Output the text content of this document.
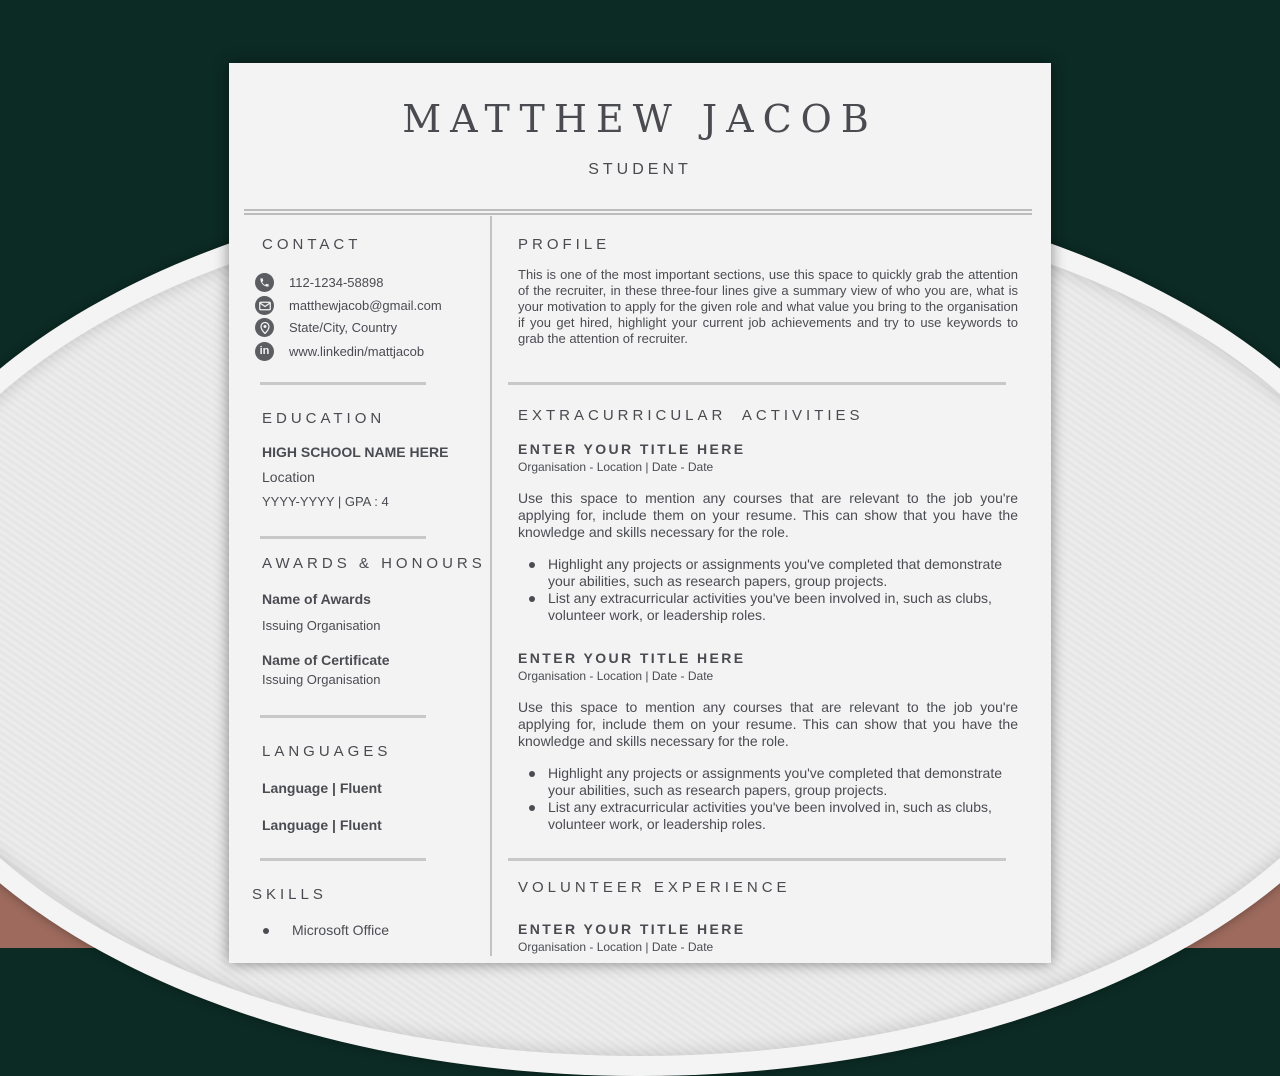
MATTHEW JACOB
STUDENT
CONTACT
112-1234-58898
matthewjacob@gmail.com
State/City, Country
in www.linkedin/mattjacob
EDUCATION
HIGH SCHOOL NAME HERE
Location
YYYY-YYYY | GPA : 4
AWARDS & HONOURS
Name of Awards
Issuing Organisation
Name of Certificate
Issuing Organisation
LANGUAGES
Language | Fluent
Language | Fluent
SKILLS
Microsoft Office
PROFILE
This is one of the most important sections, use this space to quickly grab the attention of the recruiter, in these three-four lines give a summary view of who you are, what is your motivation to apply for the given role and what value you bring to the organisation if you get hired, highlight your current job achievements and try to use keywords to grab the attention of recruiter.
EXTRACURRICULAR  ACTIVITIES
ENTER YOUR TITLE HERE
Organisation - Location | Date - Date
Use this space to mention any courses that are relevant to the job you're applying for, include them on your resume. This can show that you have the knowledge and skills necessary for the role.
Highlight any projects or assignments you've completed that demonstrate your abilities, such as research papers, group projects.
List any extracurricular activities you've been involved in, such as clubs, volunteer work, or leadership roles.
ENTER YOUR TITLE HERE
Organisation - Location | Date - Date
Use this space to mention any courses that are relevant to the job you're applying for, include them on your resume. This can show that you have the knowledge and skills necessary for the role.
Highlight any projects or assignments you've completed that demonstrate your abilities, such as research papers, group projects.
List any extracurricular activities you've been involved in, such as clubs, volunteer work, or leadership roles.
VOLUNTEER EXPERIENCE
ENTER YOUR TITLE HERE
Organisation - Location | Date - Date
